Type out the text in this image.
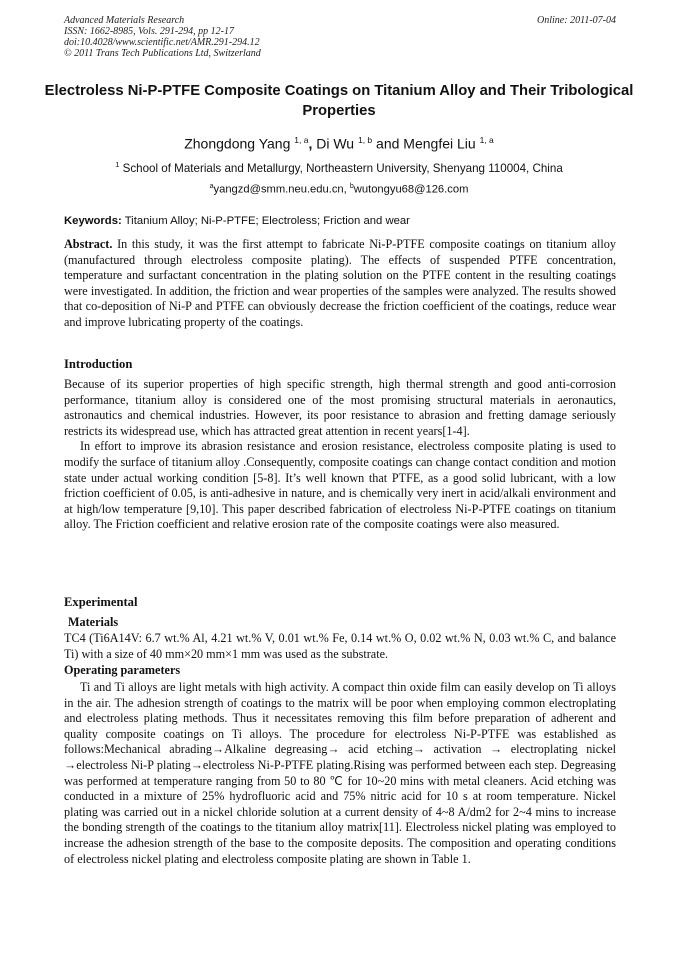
Advanced Materials Research
ISSN: 1662-8985, Vols. 291-294, pp 12-17
doi:10.4028/www.scientific.net/AMR.291-294.12
© 2011 Trans Tech Publications Ltd, Switzerland
Online: 2011-07-04
Electroless Ni-P-PTFE Composite Coatings on Titanium Alloy and Their Tribological Properties
Zhongdong Yang $^{1, a}$, Di Wu $^{1, b}$ and Mengfei Liu $^{1, a}$
$^1$ School of Materials and Metallurgy, Northeastern University, Shenyang 110004, China
$^a$yangzd@smm.neu.edu.cn, $^b$wutongyu68@126.com
Keywords: Titanium Alloy; Ni-P-PTFE; Electroless; Friction and wear

Abstract. In this study, it was the first attempt to fabricate Ni-P-PTFE composite coatings on titanium alloy (manufactured through electroless composite plating). The effects of suspended PTFE concentration, temperature and surfactant concentration in the plating solution on the PTFE content in the resulting coatings were investigated. In addition, the friction and wear properties of the samples were analyzed. The results showed that co-deposition of Ni-P and PTFE can obviously decrease the friction coefficient of the coatings, reduce wear and improve lubricating property of the coatings.

Introduction

Because of its superior properties of high specific strength, high thermal strength and good anti-corrosion performance, titanium alloy is considered one of the most promising structural materials in aeronautics, astronautics and chemical industries. However, its poor resistance to abrasion and fretting damage seriously restricts its widespread use, which has attracted great attention in recent years[1-4].

In effort to improve its abrasion resistance and erosion resistance, electroless composite plating is used to modify the surface of titanium alloy .Consequently, composite coatings can change contact condition and motion state under actual working condition [5-8]. It’s well known that PTFE, as a good solid lubricant, with a low friction coefficient of 0.05, is anti-adhesive in nature, and is chemically very inert in acid/alkali environment and at high/low temperature [9,10]. This paper described fabrication of electroless Ni-P-PTFE coatings on titanium alloy. The Friction coefficient and relative erosion rate of the composite coatings were also measured.

Experimental
Materials

TC4 (Ti6A14V: 6.7 wt.% Al, 4.21 wt.% V, 0.01 wt.% Fe, 0.14 wt.% O, 0.02 wt.% N, 0.03 wt.% C, and balance Ti) with a size of 40 mm×20 mm×1 mm was used as the substrate.

Operating parameters

Ti and Ti alloys are light metals with high activity. A compact thin oxide film can easily develop on Ti alloys in the air. The adhesion strength of coatings to the matrix will be poor when employing common electroplating and electroless plating methods. Thus it necessitates removing this film before preparation of adherent and quality composite coatings on Ti alloys. The procedure for electroless Ni-P-PTFE was established as follows:Mechanical abrading→Alkaline degreasing→ acid etching→ activation → electroplating nickel →electroless Ni-P plating→electroless Ni-P-PTFE plating.Rising was performed between each step. Degreasing was performed at temperature ranging from 50 to 80 ℃ for 10~20 mins with metal cleaners. Acid etching was conducted in a mixture of 25% hydrofluoric acid and 75% nitric acid for 10 s at room temperature. Nickel plating was carried out in a nickel chloride solution at a current density of 4~8 A/dm2 for 2~4 mins to increase the bonding strength of the coatings to the titanium alloy matrix[11]. Electroless nickel plating was employed to increase the adhesion strength of the base to the composite deposits. The composition and operating conditions of electroless nickel plating and electroless composite plating are shown in Table 1.
